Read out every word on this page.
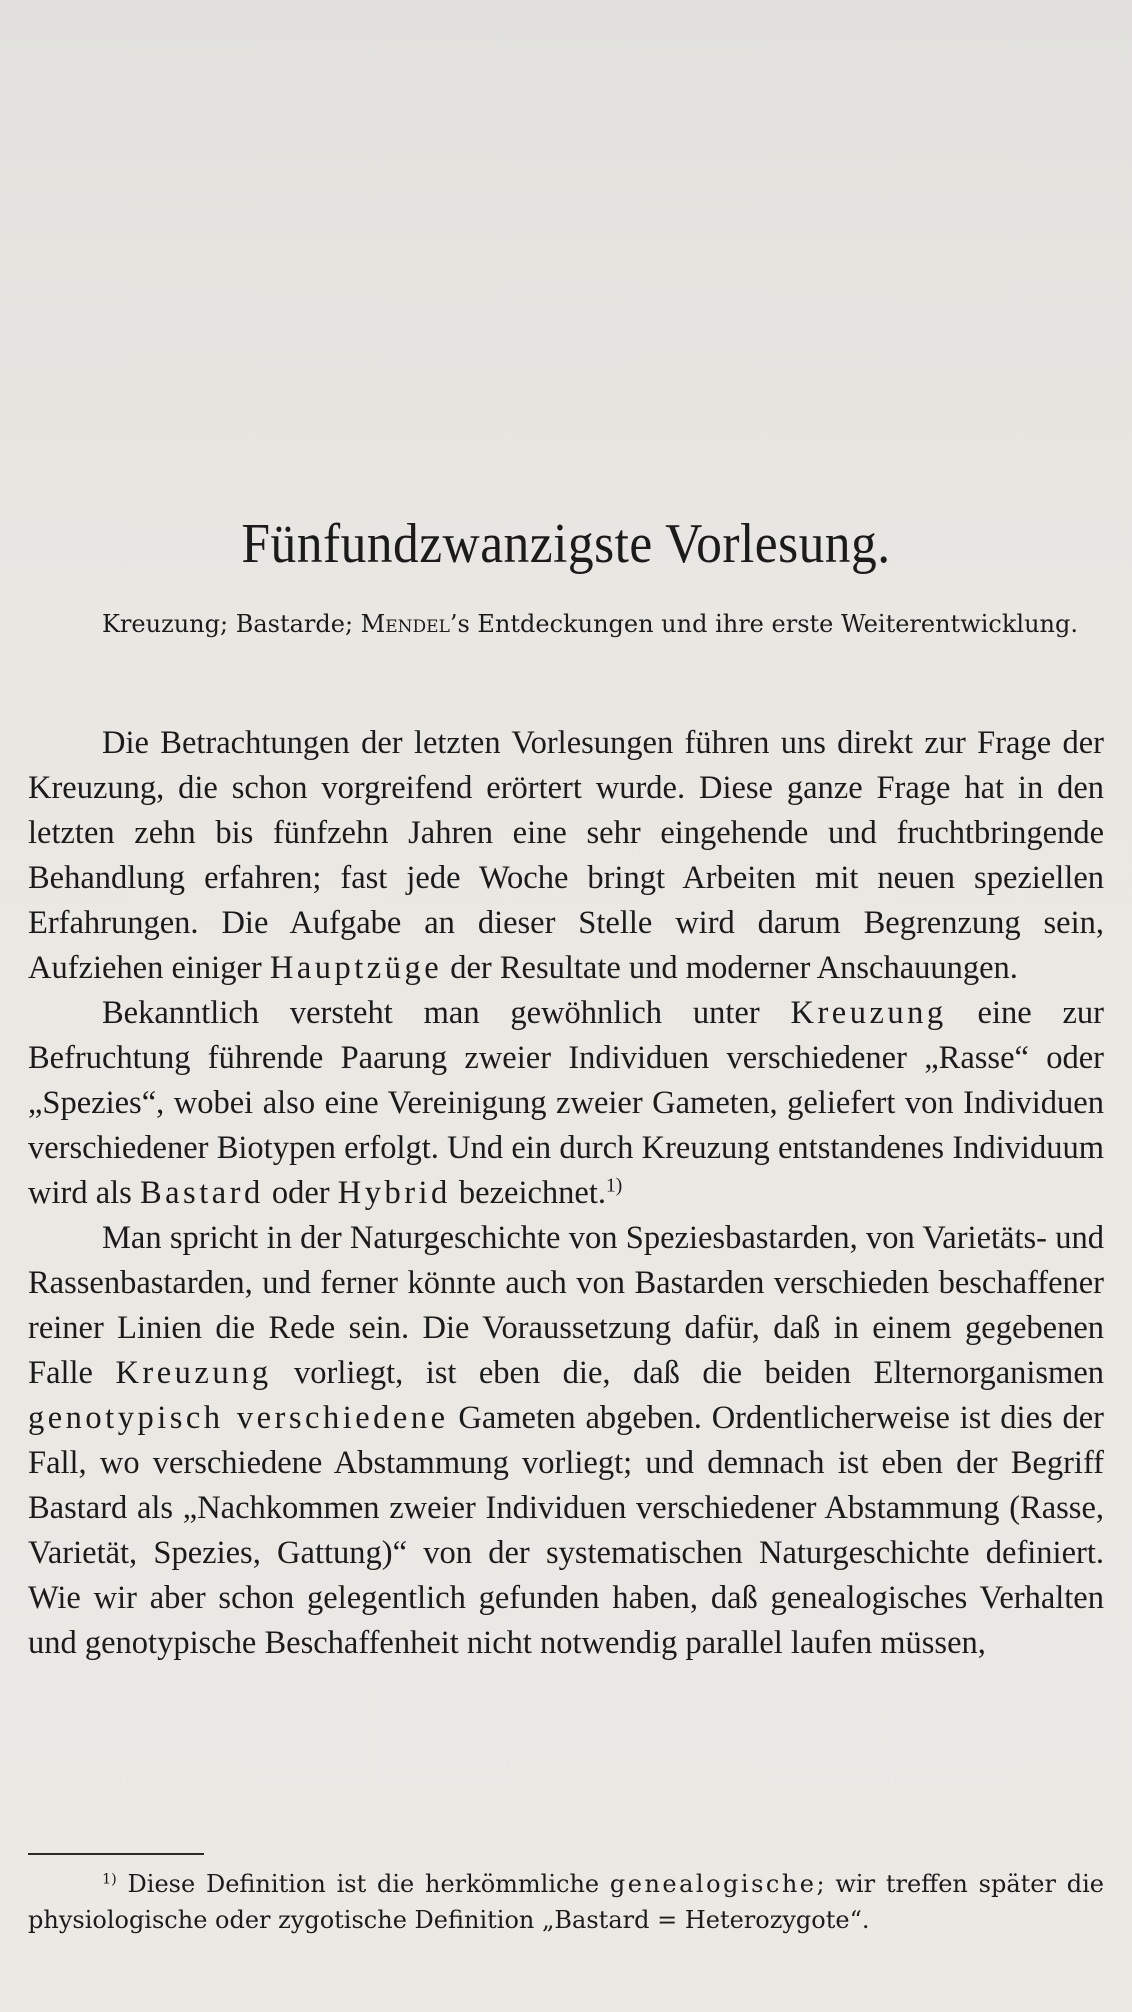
Fünfundzwanzigste Vorlesung.

Kreuzung; Bastarde; Mendel’s Entdeckungen und ihre erste Weiterentwicklung.

Die Betrachtungen der letzten Vorlesungen führen uns direkt zur Frage der Kreuzung, die schon vorgreifend erörtert wurde. Diese ganze Frage hat in den letzten zehn bis fünfzehn Jahren eine sehr eingehende und fruchtbringende Behandlung erfahren; fast jede Woche bringt Arbeiten mit neuen speziellen Erfahrungen. Die Aufgabe an dieser Stelle wird darum Begrenzung sein, Aufziehen einiger Hauptzüge der Resultate und moderner Anschauungen.

Bekanntlich versteht man gewöhnlich unter Kreuzung eine zur Befruchtung führende Paarung zweier Individuen verschiedener „Rasse“ oder „Spezies“, wobei also eine Vereinigung zweier Gameten, geliefert von Individuen verschiedener Biotypen erfolgt. Und ein durch Kreuzung entstandenes Individuum wird als Bastard oder Hybrid bezeichnet.$^{1)}$

Man spricht in der Naturgeschichte von Speziesbastarden, von Varietäts- und Rassenbastarden, und ferner könnte auch von Bastarden verschieden beschaffener reiner Linien die Rede sein. Die Voraussetzung dafür, daß in einem gegebenen Falle Kreuzung vorliegt, ist eben die, daß die beiden Elternorganismen genotypisch verschiedene Gameten abgeben. Ordentlicherweise ist dies der Fall, wo verschiedene Abstammung vorliegt; und demnach ist eben der Begriff Bastard als „Nachkommen zweier Individuen verschiedener Abstammung (Rasse, Varietät, Spezies, Gattung)“ von der systematischen Naturgeschichte definiert. Wie wir aber schon gelegentlich gefunden haben, daß genealogisches Verhalten und genotypische Beschaffenheit nicht notwendig parallel laufen müssen,

$^{1)}$ Diese Definition ist die herkömmliche genealogische; wir treffen später die physiologische oder zygotische Definition „Bastard = Heterozygote“.
